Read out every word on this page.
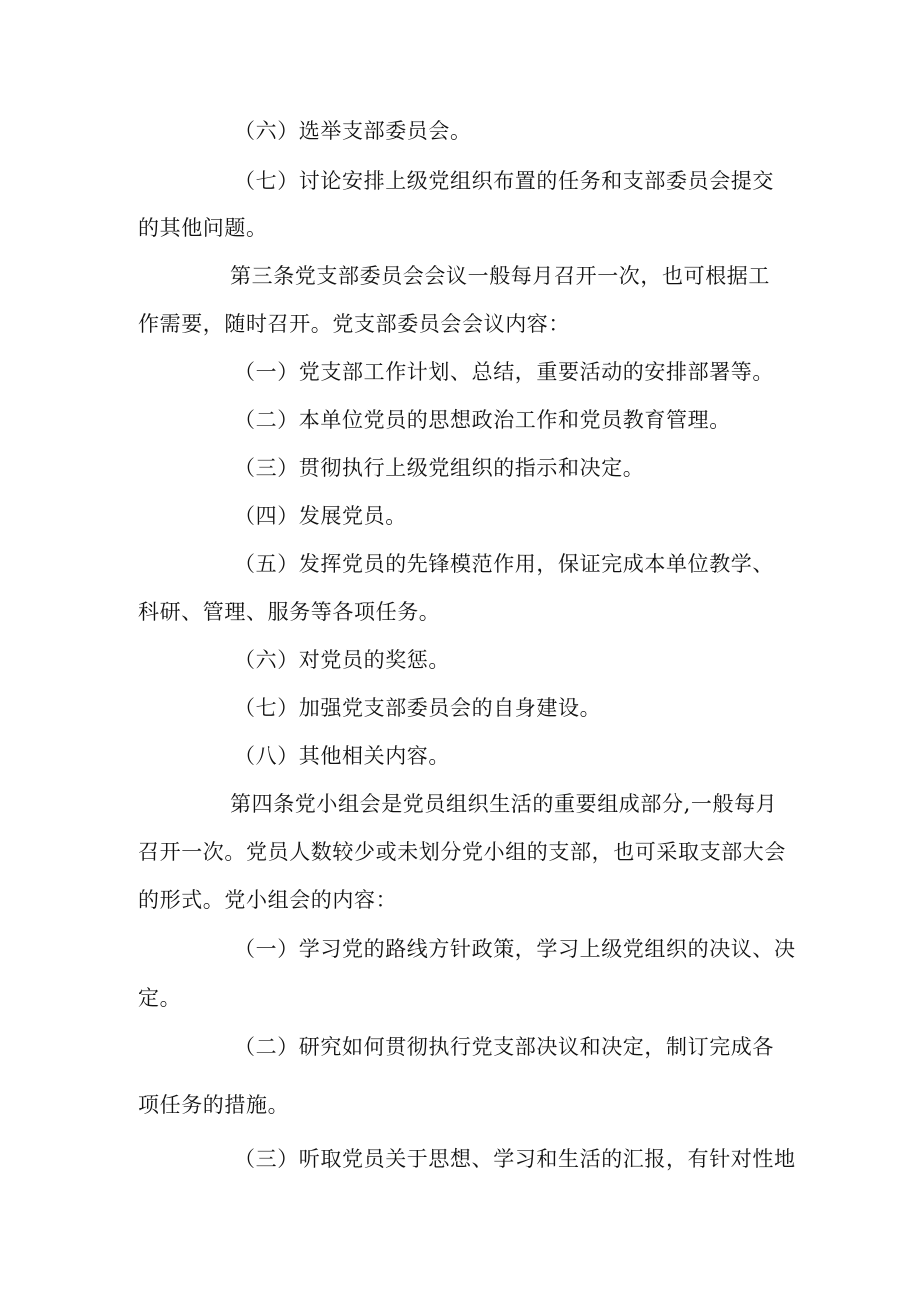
（六）选举支部委员会。
（七）讨论安排上级党组织布置的任务和支部委员会提交
的其他问题。
第三条党支部委员会会议一般每月召开一次，也可根据工
作需要，随时召开。党支部委员会会议内容：
（一）党支部工作计划、总结，重要活动的安排部署等。
（二）本单位党员的思想政治工作和党员教育管理。
（三）贯彻执行上级党组织的指示和决定。
（四）发展党员。
（五）发挥党员的先锋模范作用，保证完成本单位教学、
科研、管理、服务等各项任务。
（六）对党员的奖惩。
（七）加强党支部委员会的自身建设。
（八）其他相关内容。
第四条党小组会是党员组织生活的重要组成部分,一般每月
召开一次。党员人数较少或未划分党小组的支部，也可采取支部大会
的形式。党小组会的内容：
（一）学习党的路线方针政策，学习上级党组织的决议、决
定。
（二）研究如何贯彻执行党支部决议和决定，制订完成各
项任务的措施。
（三）听取党员关于思想、学习和生活的汇报，有针对性地
